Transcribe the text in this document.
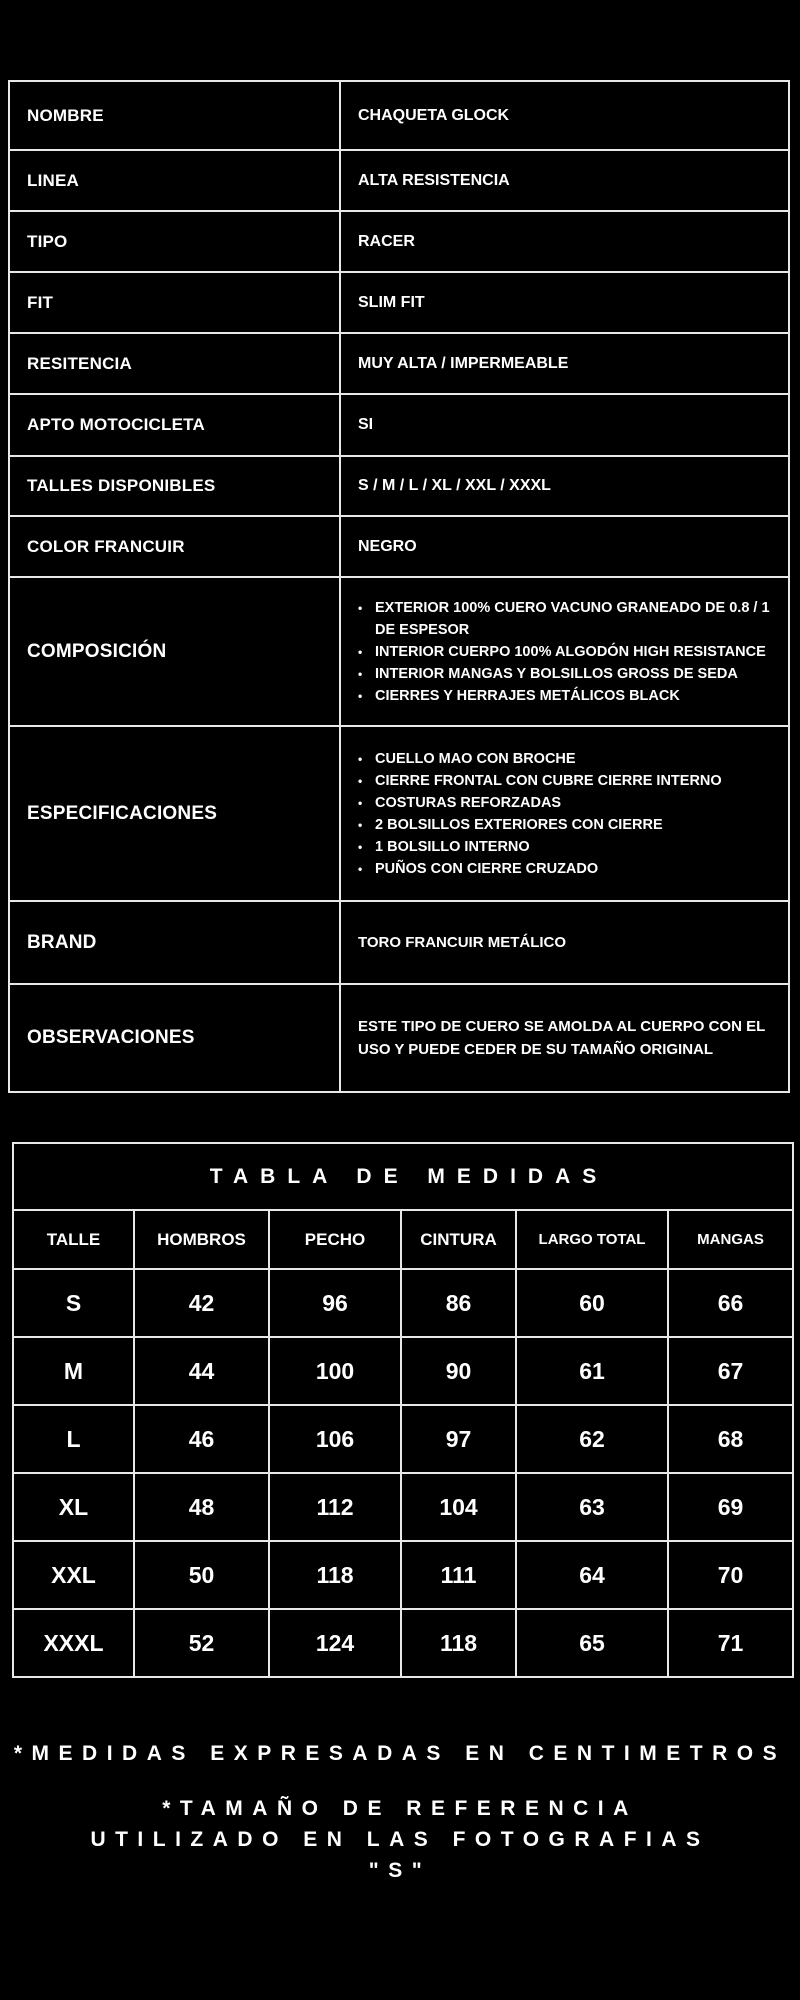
NOMBRE	CHAQUETA GLOCK
LINEA	ALTA RESISTENCIA
TIPO	RACER
FIT	SLIM FIT
RESITENCIA	MUY ALTA / IMPERMEABLE
APTO MOTOCICLETA	SI
TALLES DISPONIBLES	S / M / L / XL / XXL / XXXL
COLOR FRANCUIR	NEGRO
COMPOSICIÓN	
• EXTERIOR 100% CUERO VACUNO GRANEADO DE 0.8 / 1 DE ESPESOR
• INTERIOR CUERPO 100% ALGODÓN HIGH RESISTANCE
• INTERIOR MANGAS Y BOLSILLOS GROSS DE SEDA
• CIERRES Y HERRAJES METÁLICOS BLACK

ESPECIFICACIONES	
• CUELLO MAO CON BROCHE
• CIERRE FRONTAL CON CUBRE CIERRE INTERNO
• COSTURAS REFORZADAS
• 2 BOLSILLOS EXTERIORES CON CIERRE
• 1 BOLSILLO INTERNO
• PUÑOS CON CIERRE CRUZADO

BRAND	TORO FRANCUIR METÁLICO
OBSERVACIONES	ESTE TIPO DE CUERO SE AMOLDA AL CUERPO CON EL USO Y PUEDE CEDER DE SU TAMAÑO ORIGINAL
TABLA DE MEDIDAS					
TALLE	HOMBROS	PECHO	CINTURA	LARGO TOTAL	MANGAS
S	42	96	86	60	66
M	44	100	90	61	67
L	46	106	97	62	68
XL	48	112	104	63	69
XXL	50	118	111	64	70
XXXL	52	124	118	65	71

*MEDIDAS EXPRESADAS EN CENTIMETROS

*TAMAÑO DE REFERENCIA UTILIZADO EN LAS FOTOGRAFIAS "S"
